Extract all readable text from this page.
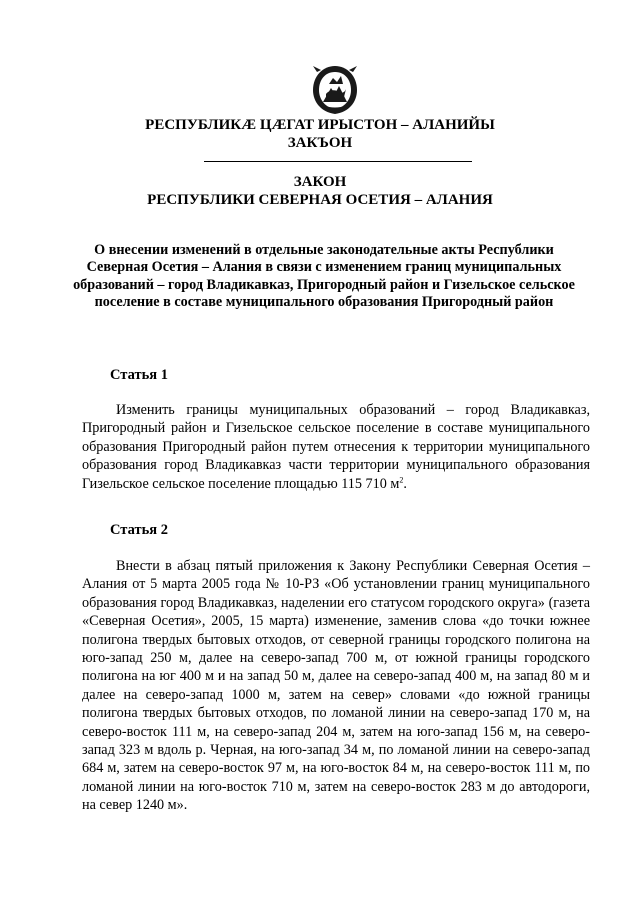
РЕСПУБЛИКӔ ЦӔГАТ ИРЫСТОН – АЛАНИЙЫ
ЗАКЪОН
ЗАКОН
РЕСПУБЛИКИ СЕВЕРНАЯ ОСЕТИЯ – АЛАНИЯ
О внесении изменений в отдельные законодательные акты Республики Северная Осетия – Алания в связи с изменением границ муниципальных образований – город Владикавказ, Пригородный район и Гизельское сельское поселение в составе муниципального образования Пригородный район
Статья 1
Изменить границы муниципальных образований – город Владикавказ, Пригородный район и Гизельское сельское поселение в составе муниципального образования Пригородный район путем отнесения к территории муниципального образования город Владикавказ части территории муниципального образования Гизельское сельское поселение площадью 115 710 $м^2$.
Статья 2
Внести в абзац пятый приложения к Закону Республики Северная Осетия – Алания от 5 марта 2005 года № 10-РЗ «Об установлении границ муниципального образования город Владикавказ, наделении его статусом городского округа» (газета «Северная Осетия», 2005, 15 марта) изменение, заменив слова «до точки южнее полигона твердых бытовых отходов, от северной границы городского полигона на юго-запад 250 м, далее на северо-запад 700 м, от южной границы городского полигона на юг 400 м и на запад 50 м, далее на северо-запад 400 м, на запад 80 м и далее на северо-запад 1000 м, затем на север» словами «до южной границы полигона твердых бытовых отходов, по ломаной линии на северо-запад 170 м, на северо-восток 111 м, на северо-запад 204 м, затем на юго-запад 156 м, на северо-запад 323 м вдоль р. Черная, на юго-запад 34 м, по ломаной линии на северо-запад 684 м, затем на северо-восток 97 м, на юго-восток 84 м, на северо-восток 111 м, по ломаной линии на юго-восток 710 м, затем на северо-восток 283 м до автодороги, на север 1240 м».
